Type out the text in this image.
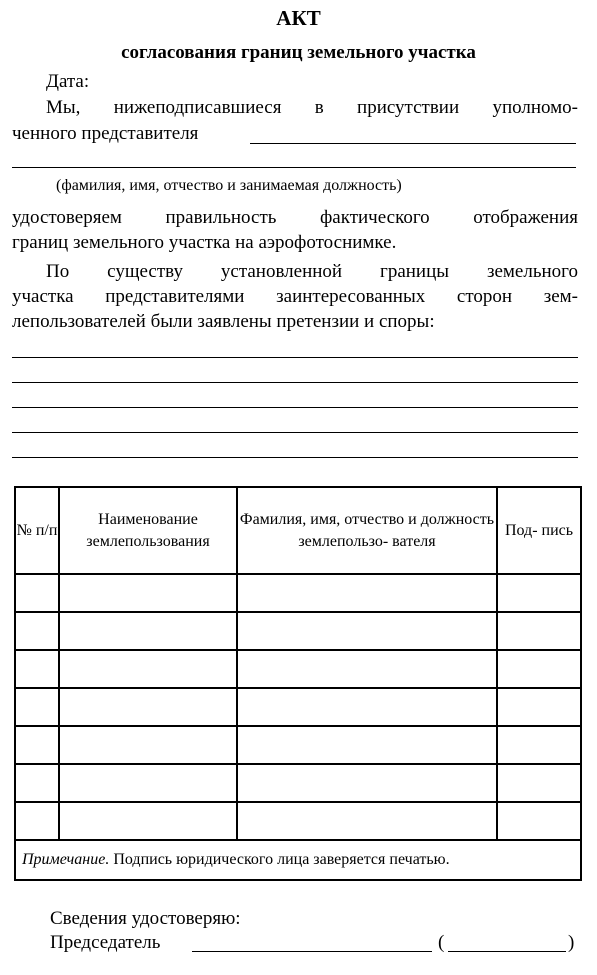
АКТ
согласования границ земельного участка
Дата:
Мы, нижеподписавшиеся в присутствии уполномо-
ченного представителя
(фамилия, имя, отчество и занимаемая должность)
удостоверяем правильность фактического отображения
границ земельного участка на аэрофотоснимке.
По существу установленной границы земельного
участка представителями заинтересованных сторон зем-
лепользователей были заявлены претензии и споры:
№ п/п	Наименование землепользования	Фамилия, имя, отчество и должность землепользо- вателя	Под- пись

Примечание. Подпись юридического лица заверяется печатью.			
Сведения удостоверяю:
Председатель	(	)
